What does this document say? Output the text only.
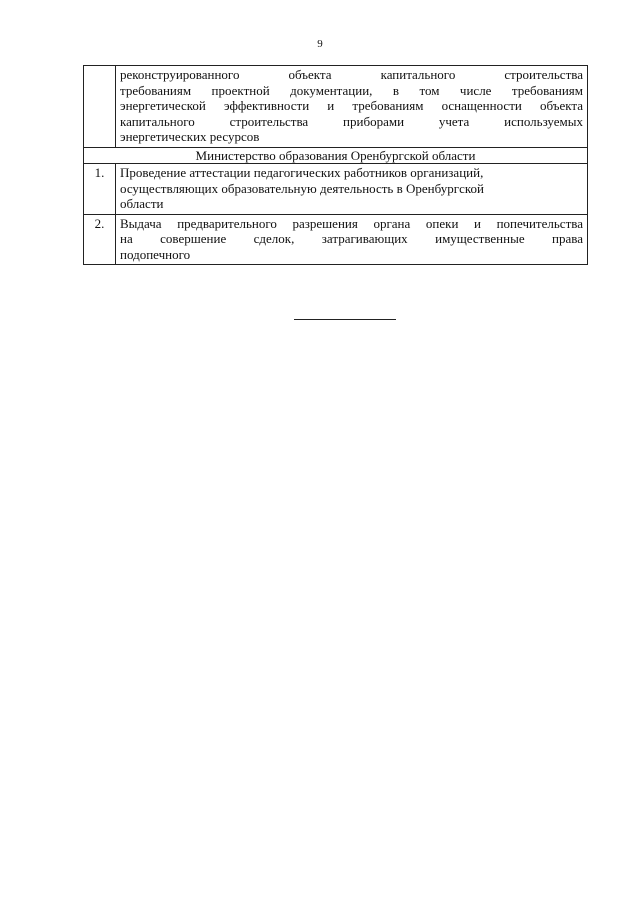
9

	реконструированного объекта капитального строительства
требованиям проектной документации, в том числе требованиям
энергетической эффективности и требованиям оснащенности объекта
капитального строительства приборами учета используемых
энергетических ресурсов

Министерство образования Оренбургской области	
1.	Проведение аттестации педагогических работников организаций,
осуществляющих образовательную деятельность в Оренбургской
области

2.	Выдача предварительного разрешения органа опеки и попечительства
на совершение сделок, затрагивающих имущественные права
подопечного
